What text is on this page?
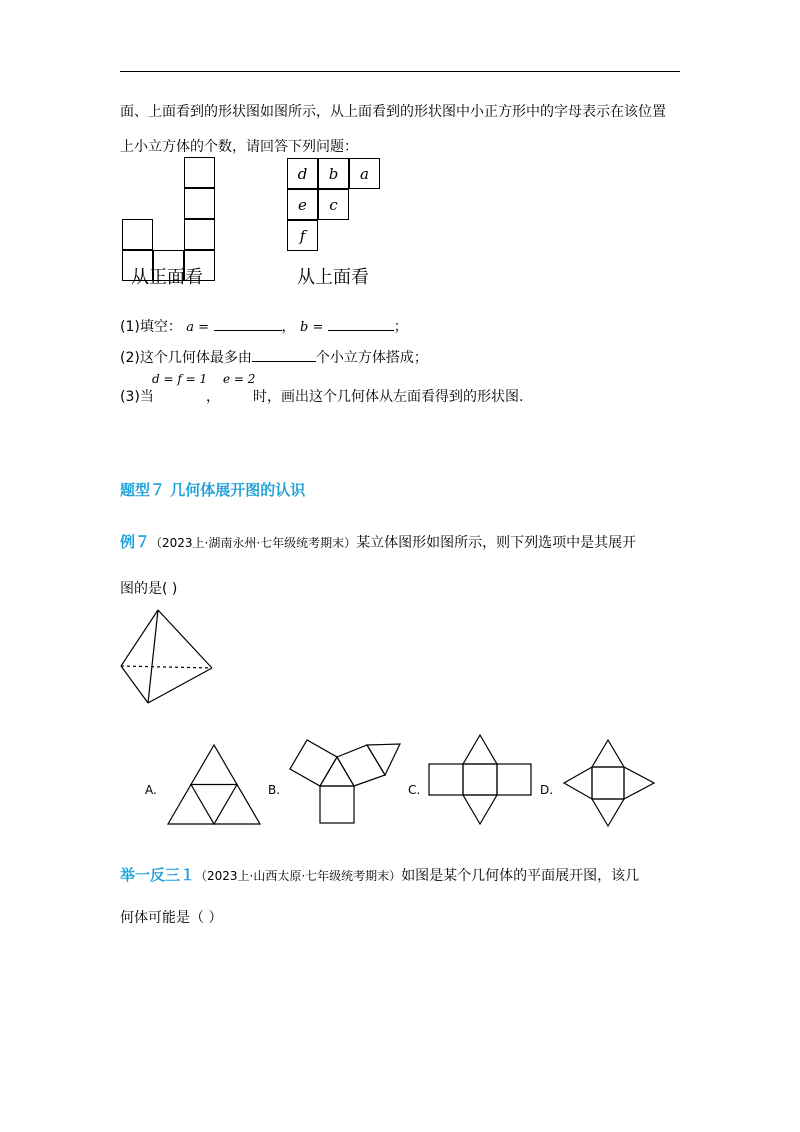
面、上面看到的形状图如图所示，从上面看到的形状图中小正方形中的字母表示在该位置
上小立方体的个数，请回答下列问题：
从正面看
d	b	a
e	c
f
从上面看
(1)填空： a =	， b =	；
(2)这个几何体最多由	个小立方体搭成；
(3)当
d = f = 1
，
e = 2
时，画出这个几何体从左面看得到的形状图.
题型７ 几何体展开图的认识
例７（2023上·湖南永州·七年级统考期末）某立体图形如图所示，则下列选项中是其展开
图的是( )
A.	B.	C.	D.
举一反三１（2023上·山西太原·七年级统考期末）如图是某个几何体的平面展开图，该几
何体可能是（ ）
